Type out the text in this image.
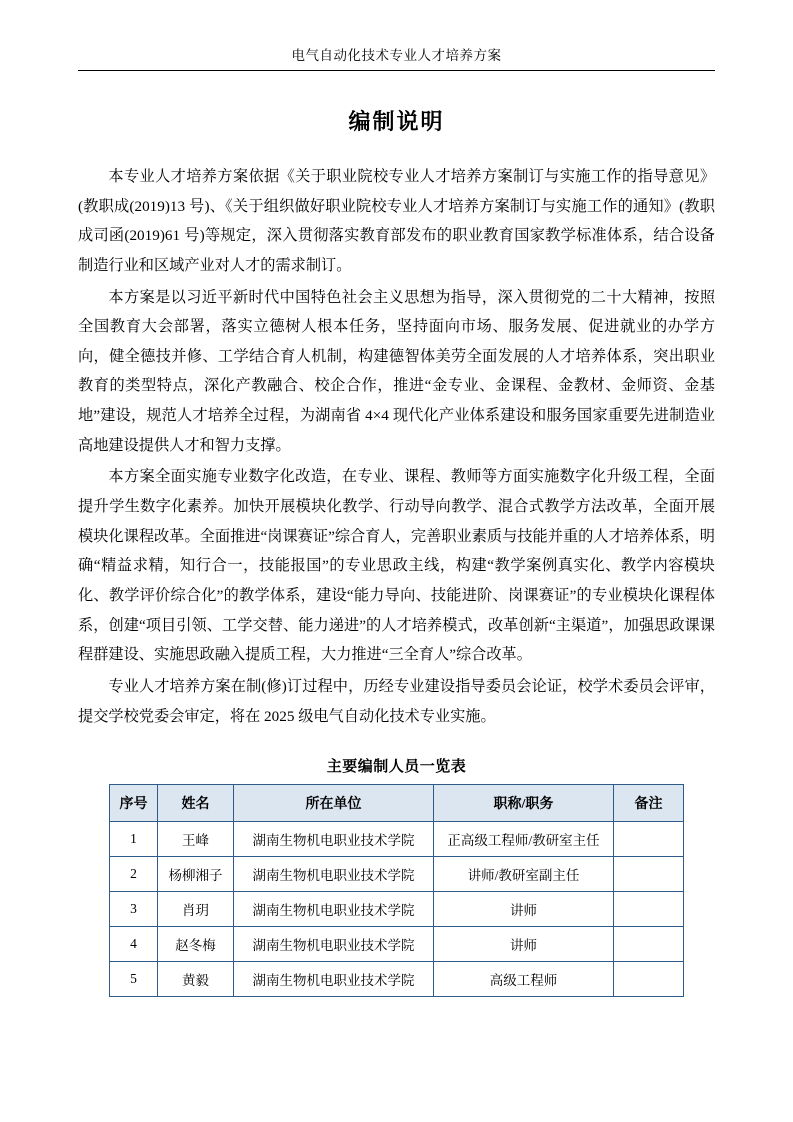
电气自动化技术专业人才培养方案
编制说明

本专业人才培养方案依据《关于职业院校专业人才培养方案制订与实施工作的指导意见》(教职成(2019)13 号)、《关于组织做好职业院校专业人才培养方案制订与实施工作的通知》(教职成司函(2019)61 号)等规定，深入贯彻落实教育部发布的职业教育国家教学标准体系，结合设备制造行业和区域产业对人才的需求制订。

本方案是以习近平新时代中国特色社会主义思想为指导，深入贯彻党的二十大精神，按照全国教育大会部署，落实立德树人根本任务，坚持面向市场、服务发展、促进就业的办学方向，健全德技并修、工学结合育人机制，构建德智体美劳全面发展的人才培养体系，突出职业教育的类型特点，深化产教融合、校企合作，推进“金专业、金课程、金教材、金师资、金基地”建设，规范人才培养全过程，为湖南省 4×4 现代化产业体系建设和服务国家重要先进制造业高地建设提供人才和智力支撑。

本方案全面实施专业数字化改造，在专业、课程、教师等方面实施数字化升级工程，全面提升学生数字化素养。加快开展模块化教学、行动导向教学、混合式教学方法改革，全面开展模块化课程改革。全面推进“岗课赛证”综合育人，完善职业素质与技能并重的人才培养体系，明确“精益求精，知行合一，技能报国”的专业思政主线，构建“教学案例真实化、教学内容模块化、教学评价综合化”的教学体系，建设“能力导向、技能进阶、岗课赛证”的专业模块化课程体系，创建“项目引领、工学交替、能力递进”的人才培养模式，改革创新“主渠道”，加强思政课课程群建设、实施思政融入提质工程，大力推进“三全育人”综合改革。

专业人才培养方案在制(修)订过程中，历经专业建设指导委员会论证，校学术委员会评审，提交学校党委会审定，将在 2025 级电气自动化技术专业实施。

主要编制人员一览表
序号	姓名	所在单位	职称/职务	备注
1	王峰	湖南生物机电职业技术学院	正高级工程师/教研室主任	
2	杨柳湘子	湖南生物机电职业技术学院	讲师/教研室副主任	
3	肖玥	湖南生物机电职业技术学院	讲师	
4	赵冬梅	湖南生物机电职业技术学院	讲师	
5	黄毅	湖南生物机电职业技术学院	高级工程师	
